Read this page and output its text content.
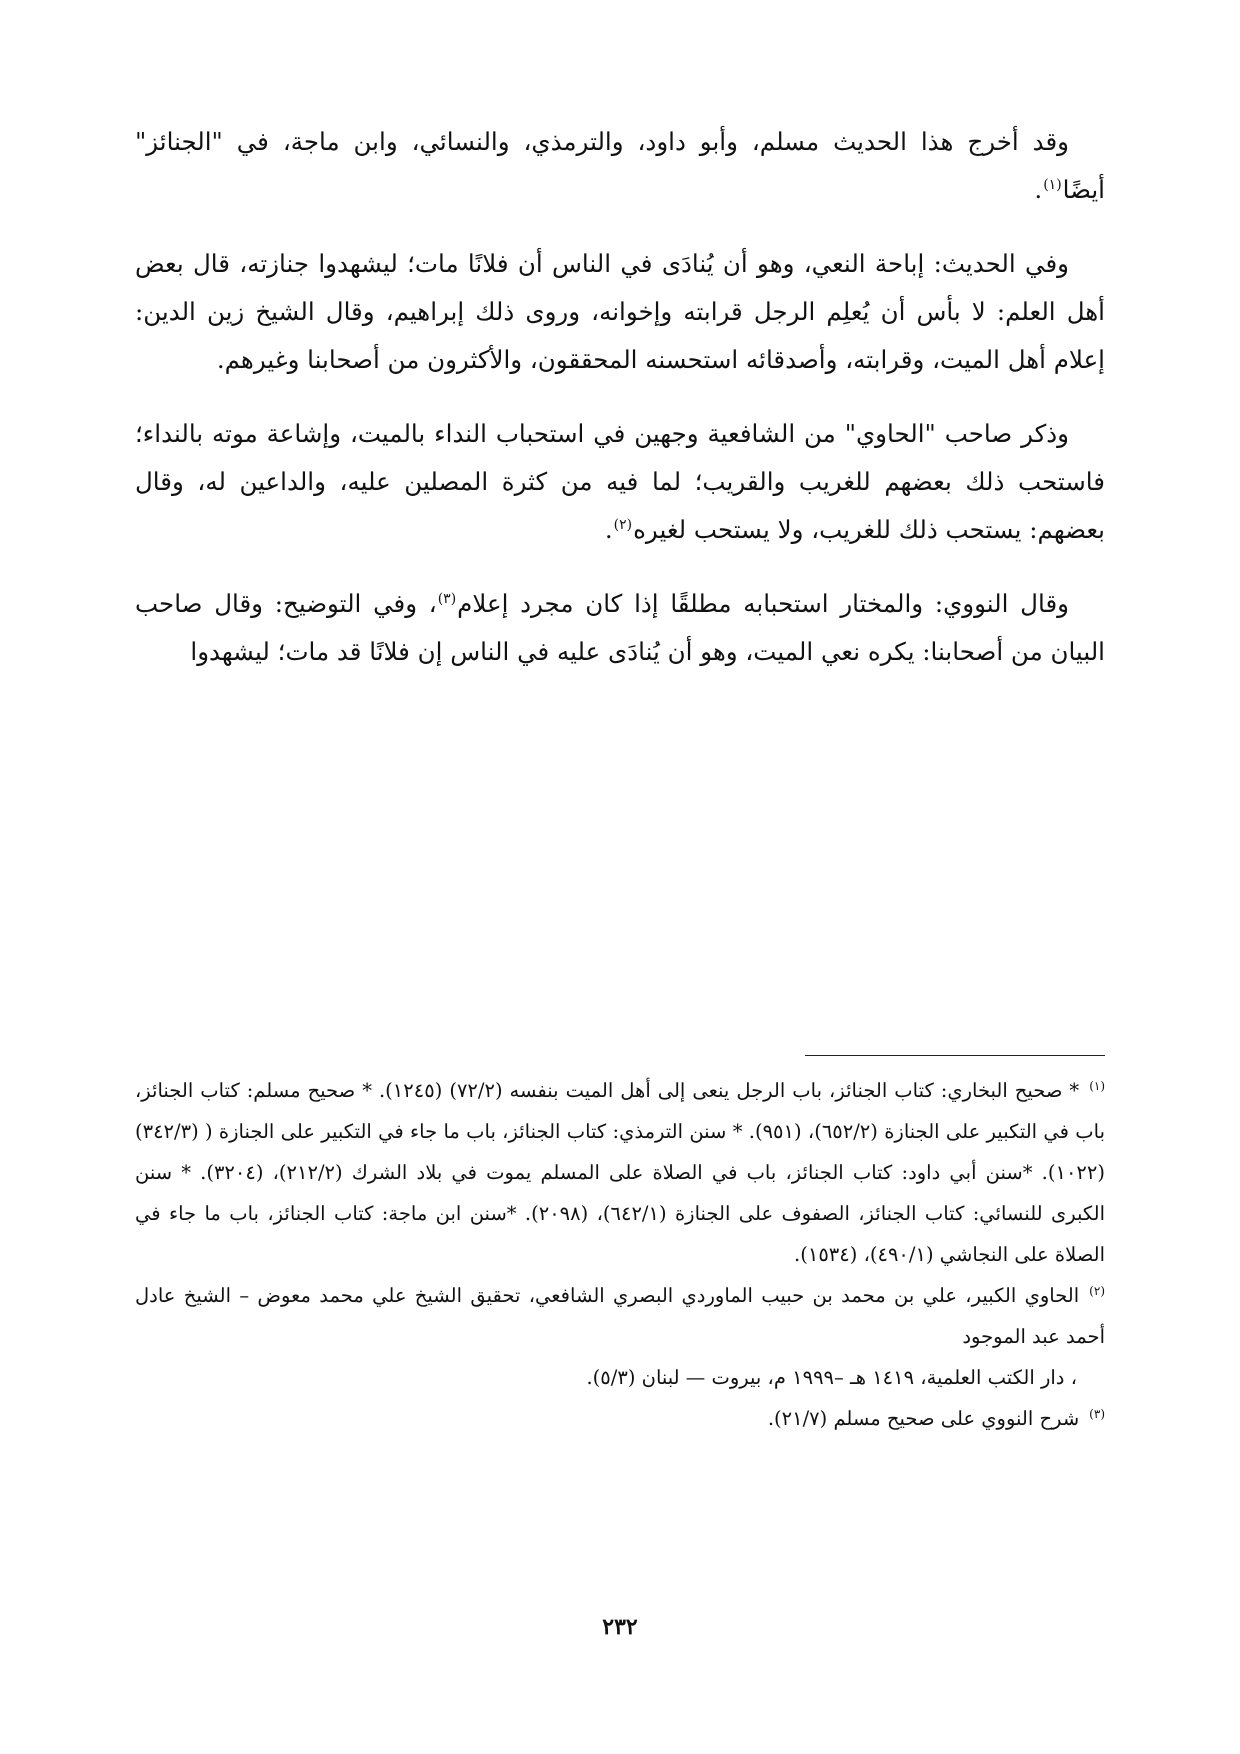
وقد أخرج هذا الحديث مسلم، وأبو داود، والترمذي، والنسائي، وابن ماجة، في "الجنائز" أيضًا$^{(١)}$.

وفي الحديث: إباحة النعي، وهو أن يُنادَى في الناس أن فلانًا مات؛ ليشهدوا جنازته، قال بعض أهل العلم: لا بأس أن يُعلِم الرجل قرابته وإخوانه، وروى ذلك إبراهيم، وقال الشيخ زين الدين: إعلام أهل الميت، وقرابته، وأصدقائه استحسنه المحققون، والأكثرون من أصحابنا وغيرهم.

وذكر صاحب "الحاوي" من الشافعية وجهين في استحباب النداء بالميت، وإشاعة موته بالنداء؛ فاستحب ذلك بعضهم للغريب والقريب؛ لما فيه من كثرة المصلين عليه، والداعين له، وقال بعضهم: يستحب ذلك للغريب، ولا يستحب لغيره$^{(٢)}$.

وقال النووي: والمختار استحبابه مطلقًا إذا كان مجرد إعلام$^{(٣)}$، وفي التوضيح: وقال صاحب البيان من أصحابنا: يكره نعي الميت، وهو أن يُنادَى عليه في الناس إن فلانًا قد مات؛ ليشهدوا

$^{(١)}$* صحيح البخاري: كتاب الجنائز، باب الرجل ينعى إلى أهل الميت بنفسه (٧٢/٢) (١٢٤٥). * صحيح مسلم: كتاب الجنائز، باب في التكبير على الجنازة (٦٥٢/٢)، (٩٥١). * سنن الترمذي: كتاب الجنائز، باب ما جاء في التكبير على الجنازة ( (٣٤٢/٣) (١٠٢٢). *سنن أبي داود: كتاب الجنائز، باب في الصلاة على المسلم يموت في بلاد الشرك (٢١٢/٢)، (٣٢٠٤). * سنن الكبرى للنسائي: كتاب الجنائز، الصفوف على الجنازة (٦٤٢/١)، (٢٠٩٨). *سنن ابن ماجة: كتاب الجنائز، باب ما جاء في الصلاة على النجاشي (٤٩٠/١)، (١٥٣٤).

$^{(٢)}$الحاوي الكبير، علي بن محمد بن حبيب الماوردي البصري الشافعي، تحقيق الشيخ علي محمد معوض – الشيخ عادل أحمد عبد الموجود

، دار الكتب العلمية، ١٤١٩ هـ –١٩٩٩ م، بيروت — لبنان (٥/٣).

$^{(٣)}$شرح النووي على صحيح مسلم (٢١/٧).

٢٣٢
